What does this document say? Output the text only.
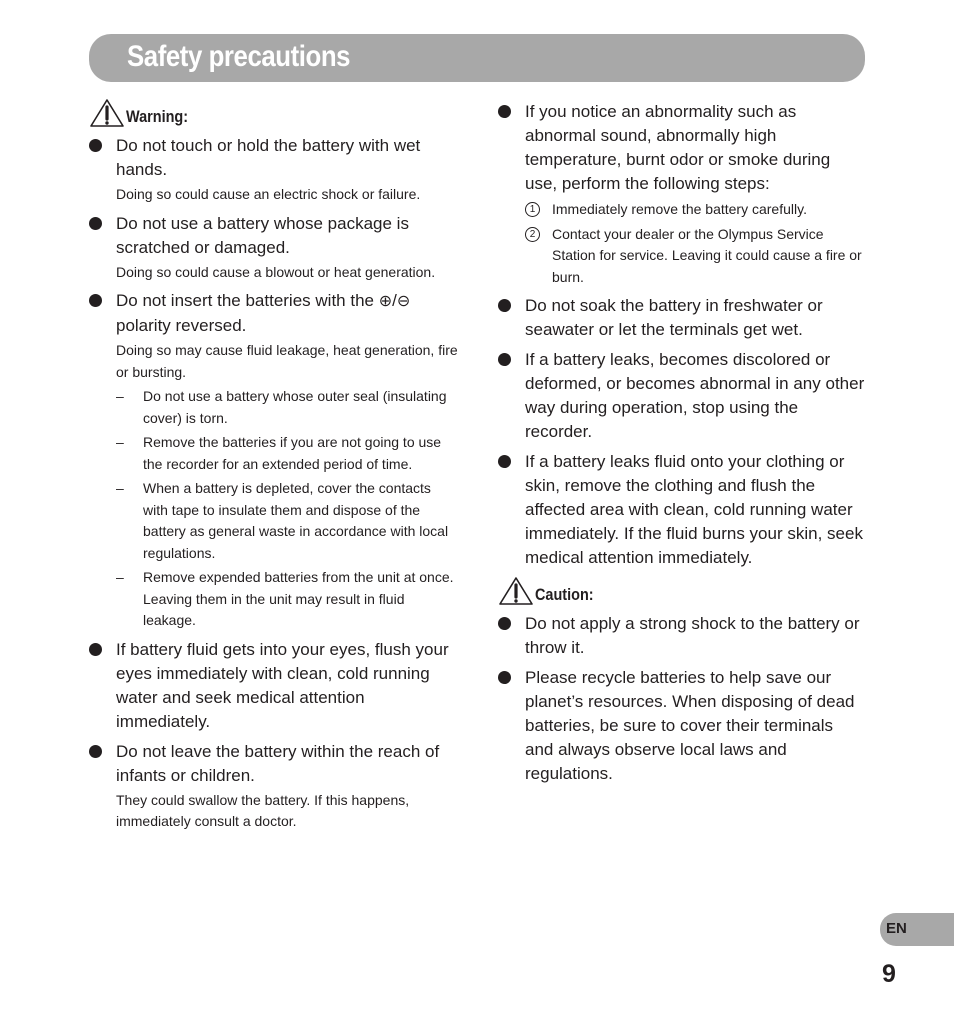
Safety precautions
Warning:
Do not touch or hold the battery with wet hands.
Doing so could cause an electric shock or failure.
Do not use a battery whose package is scratched or damaged.
Doing so could cause a blowout or heat generation.
Do not insert the batteries with the ⊕/⊖ polarity reversed.
Doing so may cause fluid leakage, heat generation, fire or bursting.
– Do not use a battery whose outer seal (insulating cover) is torn.
– Remove the batteries if you are not going to use the recorder for an extended period of time.
– When a battery is depleted, cover the contacts with tape to insulate them and dispose of the battery as general waste in accordance with local regulations.
– Remove expended batteries from the unit at once. Leaving them in the unit may result in fluid leakage.
If battery fluid gets into your eyes, flush your eyes immediately with clean, cold running water and seek medical attention immediately.
Do not leave the battery within the reach of infants or children.
They could swallow the battery. If this happens, immediately consult a doctor.
If you notice an abnormality such as abnormal sound, abnormally high temperature, burnt odor or smoke during use, perform the following steps:
1	Immediately remove the battery carefully.
2	Contact your dealer or the Olympus Service Station for service. Leaving it could cause a fire or burn.
Do not soak the battery in freshwater or seawater or let the terminals get wet.
If a battery leaks, becomes discolored or deformed, or becomes abnormal in any other way during operation, stop using the recorder.
If a battery leaks fluid onto your clothing or skin, remove the clothing and flush the affected area with clean, cold running water immediately. If the fluid burns your skin, seek medical attention immediately.
Caution:
Do not apply a strong shock to the battery or throw it.
Please recycle batteries to help save our planet’s resources. When disposing of dead batteries, be sure to cover their terminals and always observe local laws and regulations.
EN
9
